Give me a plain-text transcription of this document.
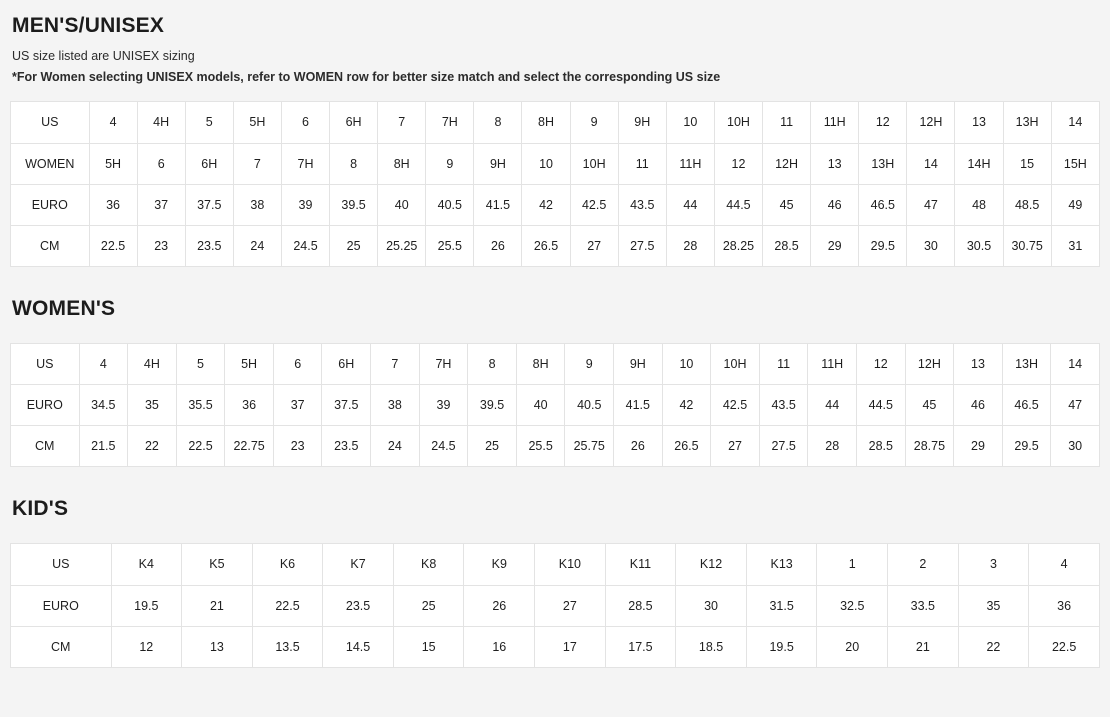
MEN'S/UNISEX
US size listed are UNISEX sizing
*For Women selecting UNISEX models, refer to WOMEN row for better size match and select the corresponding US size
US	4	4H	5	5H	6	6H	7	7H	8	8H	9	9H	10	10H	11	11H	12	12H	13	13H	14
WOMEN	5H	6	6H	7	7H	8	8H	9	9H	10	10H	11	11H	12	12H	13	13H	14	14H	15	15H
EURO	36	37	37.5	38	39	39.5	40	40.5	41.5	42	42.5	43.5	44	44.5	45	46	46.5	47	48	48.5	49
CM	22.5	23	23.5	24	24.5	25	25.25	25.5	26	26.5	27	27.5	28	28.25	28.5	29	29.5	30	30.5	30.75	31
WOMEN'S
US	4	4H	5	5H	6	6H	7	7H	8	8H	9	9H	10	10H	11	11H	12	12H	13	13H	14
EURO	34.5	35	35.5	36	37	37.5	38	39	39.5	40	40.5	41.5	42	42.5	43.5	44	44.5	45	46	46.5	47
CM	21.5	22	22.5	22.75	23	23.5	24	24.5	25	25.5	25.75	26	26.5	27	27.5	28	28.5	28.75	29	29.5	30
KID'S
US	K4	K5	K6	K7	K8	K9	K10	K11	K12	K13	1	2	3	4
EURO	19.5	21	22.5	23.5	25	26	27	28.5	30	31.5	32.5	33.5	35	36
CM	12	13	13.5	14.5	15	16	17	17.5	18.5	19.5	20	21	22	22.5
